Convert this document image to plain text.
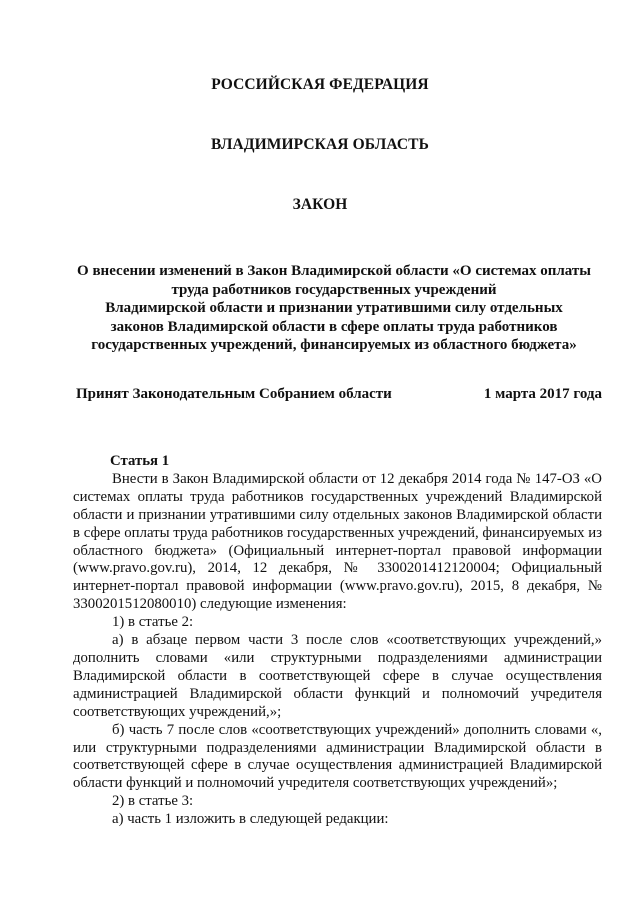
РОССИЙСКАЯ ФЕДЕРАЦИЯ
ВЛАДИМИРСКАЯ ОБЛАСТЬ
ЗАКОН
О внесении изменений в Закон Владимирской области «О системах оплаты
труда работников государственных учреждений
Владимирской области и признании утратившими силу отдельных
законов Владимирской области в сфере оплаты труда работников
государственных учреждений, финансируемых из областного бюджета»
Принят Законодательным Собранием области	1 марта 2017 года
Статья 1

Внести в Закон Владимирской области от 12 декабря 2014 года № 147-ОЗ «О системах оплаты труда работников государственных учреждений Владимирской области и признании утратившими силу отдельных законов Владимирской области в сфере оплаты труда работников государственных учреждений, финансируемых из областного бюджета» (Официальный интернет-портал правовой информации (www.pravo.gov.ru), 2014, 12 декабря, № 3300201412120004; Официальный интернет-портал правовой информации (www.pravo.gov.ru), 2015, 8 декабря, № 3300201512080010) следующие изменения:

1) в статье 2:

а) в абзаце первом части 3 после слов «соответствующих учреждений,» дополнить словами «или структурными подразделениями администрации Владимирской области в соответствующей сфере в случае осуществления администрацией Владимирской области функций и полномочий учредителя соответствующих учреждений,»;

б) часть 7 после слов «соответствующих учреждений» дополнить словами «, или структурными подразделениями администрации Владимирской области в соответствующей сфере в случае осуществления администрацией Владимирской области функций и полномочий учредителя соответствующих учреждений»;

2) в статье 3:

а) часть 1 изложить в следующей редакции:
